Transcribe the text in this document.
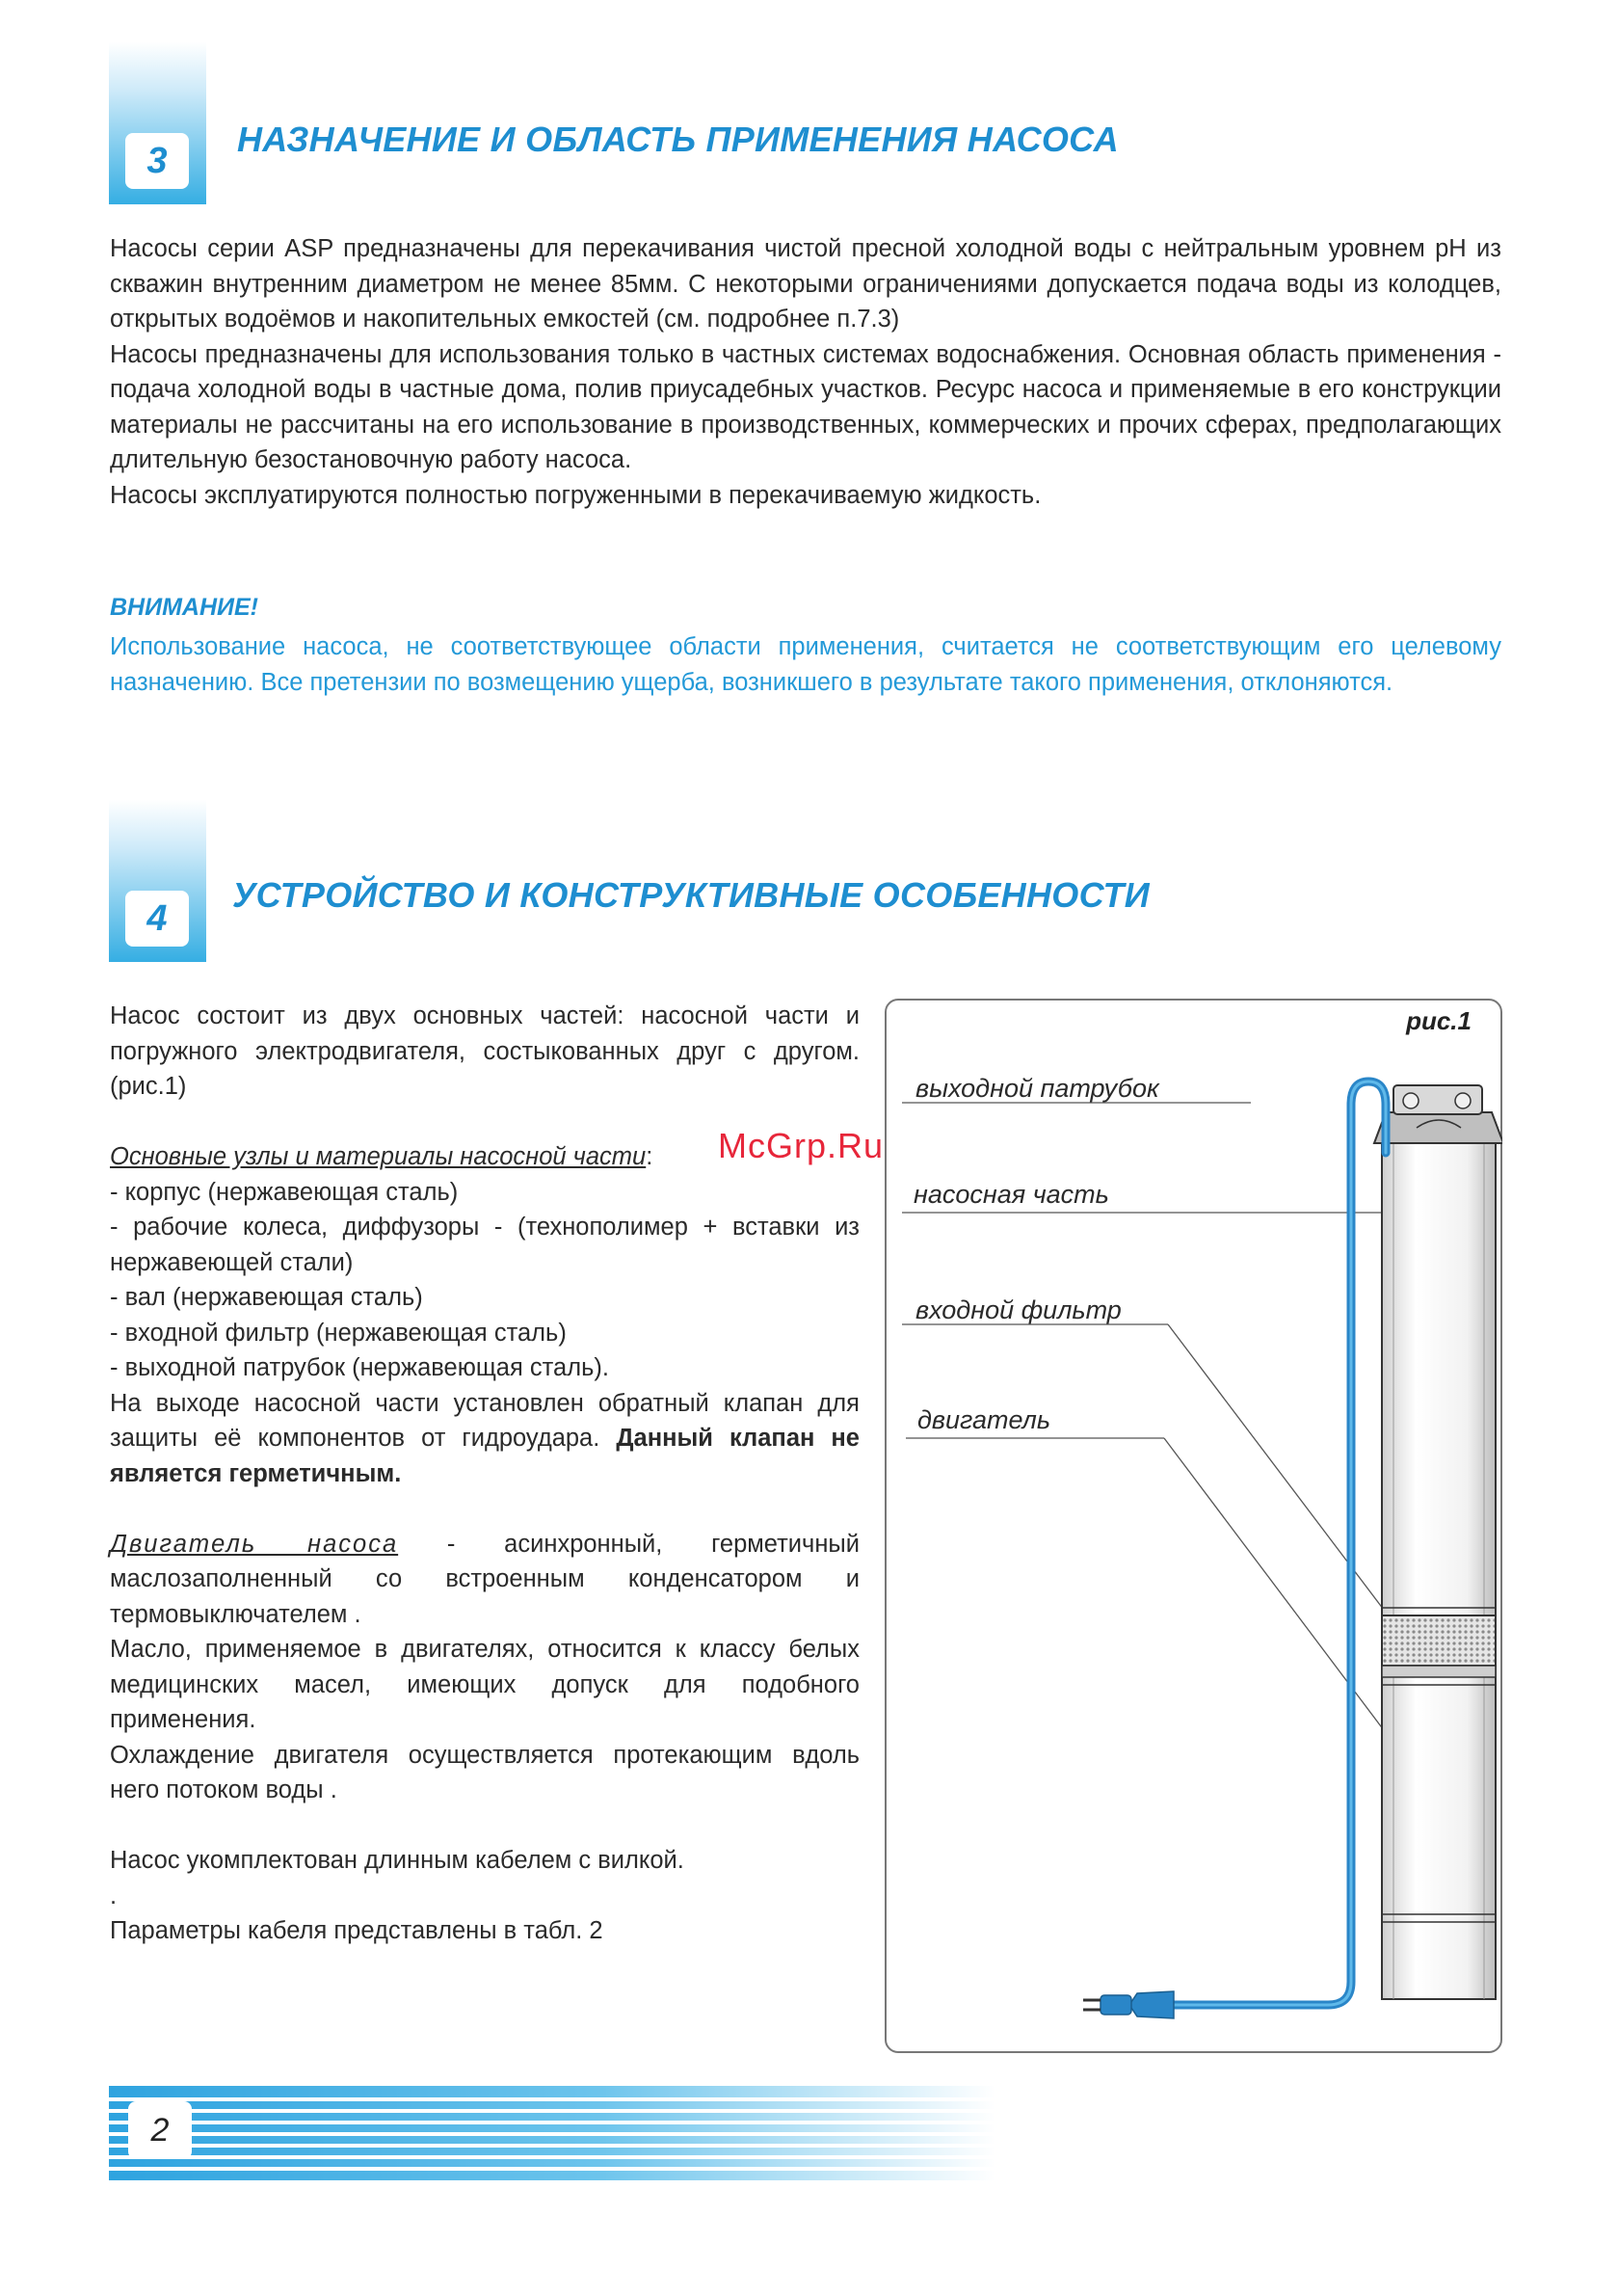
3
НАЗНАЧЕНИЕ И ОБЛАСТЬ ПРИМЕНЕНИЯ НАСОСА

Насосы серии ASP предназначены для перекачивания чистой пресной холодной воды с нейтральным уровнем pH из скважин внутренним диаметром не менее 85мм. С некоторыми ограничениями допускается подача воды из колодцев, открытых водоёмов и накопительных емкостей (см. подробнее п.7.3)

Насосы предназначены для использования только в частных системах водоснабжения. Основная область применения - подача холодной воды в частные дома, полив приусадебных участков. Ресурс насоса и применяемые в его конструкции материалы не рассчитаны на его использование в производственных, коммерческих и прочих сферах, предполагающих длительную безостановочную работу насоса.

Насосы эксплуатируются полностью погруженными в перекачиваемую жидкость.

ВНИМАНИЕ!
Использование насоса, не соответствующее области применения, считается не соответствующим его целевому назначению. Все претензии по возмещению ущерба, возникшего в результате такого применения, отклоняются.
4
УСТРОЙСТВО И КОНСТРУКТИВНЫЕ ОСОБЕННОСТИ

Насос состоит из двух основных частей: насосной части и погружного электродвигателя, состыкованных друг с другом. (рис.1)

Основные узлы и материалы насосной части:

- корпус (нержавеющая сталь)

- рабочие колеса, диффузоры - (технополимер + вставки из нержавеющей стали)

- вал (нержавеющая сталь)

- входной фильтр (нержавеющая сталь)

- выходной патрубок (нержавеющая сталь).

На выходе насосной части установлен обратный клапан для защиты её компонентов от гидроудара. Данный клапан не является герметичным.

Двигатель насоса - асинхронный, герметичный маслозаполненный со встроенным конденсатором и термовыключателем .

Масло, применяемое в двигателях, относится к классу белых медицинских масел, имеющих допуск для подобного применения.

Охлаждение двигателя осуществляется протекающим вдоль него потоком воды .

Насос укомплектован длинным кабелем с вилкой.

.

Параметры кабеля представлены в табл. 2

рис.1
выходной патрубок
насосная часть
входной фильтр
двигатель
McGrp.Ru
2
